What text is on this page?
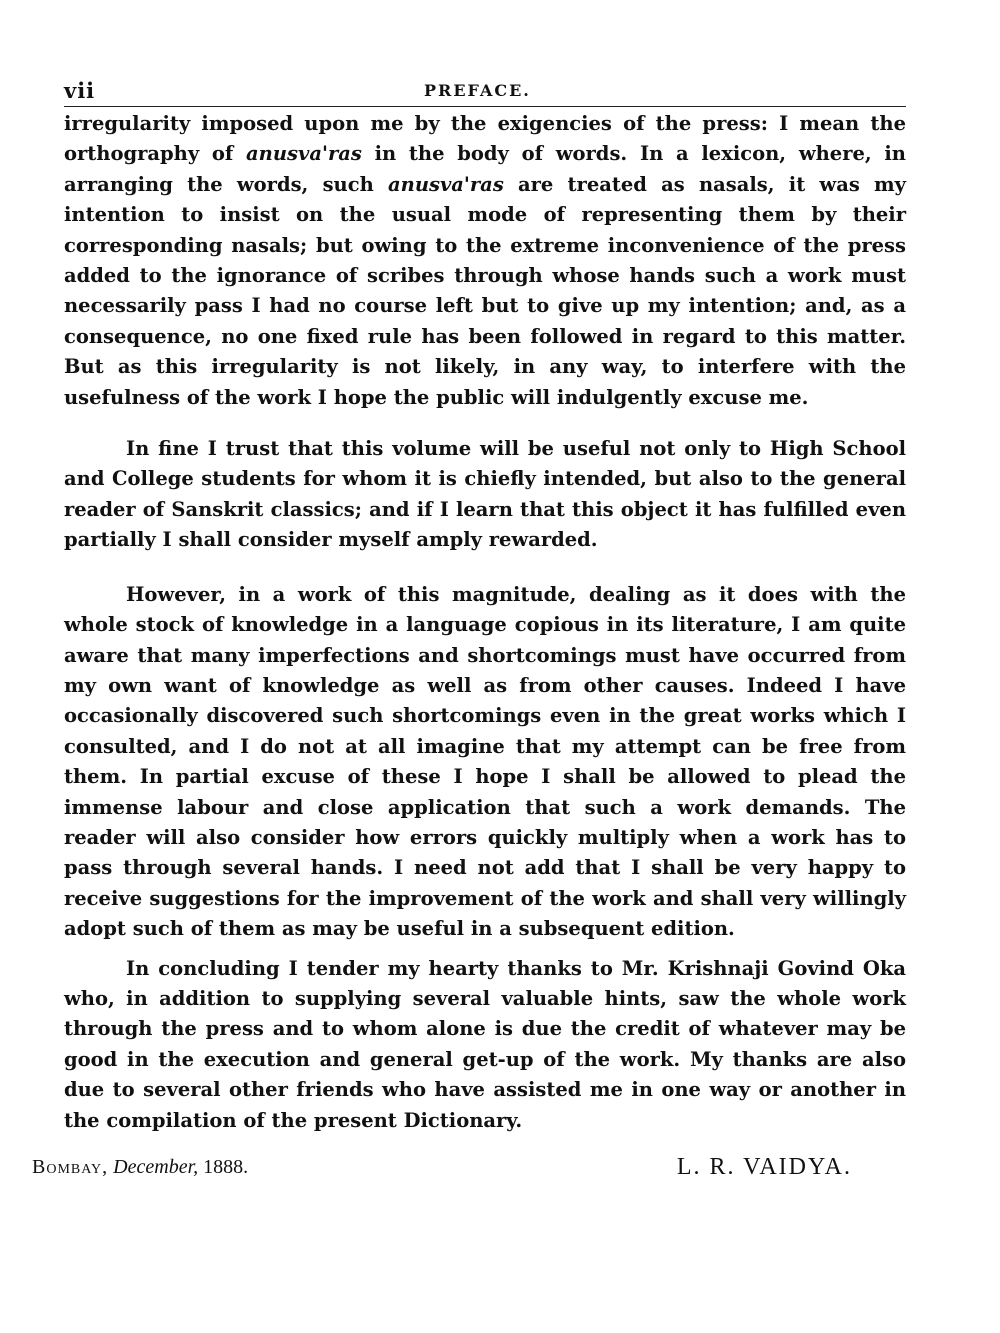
vii	PREFACE.

irregularity imposed upon me by the exigencies of the press: I mean the orthography of anusva'ras in the body of words. In a lexicon, where, in arranging the words, such anusva'ras are treated as nasals, it was my intention to insist on the usual mode of representing them by their corresponding nasals; but owing to the extreme inconvenience of the press added to the ignorance of scribes through whose hands such a work must necessarily pass I had no course left but to give up my intention; and, as a consequence, no one fixed rule has been followed in regard to this matter. But as this irregularity is not likely, in any way, to interfere with the usefulness of the work I hope the public will indulgently excuse me.

In fine I trust that this volume will be useful not only to High School and College students for whom it is chiefly intended, but also to the general reader of Sanskrit classics; and if I learn that this object it has fulfilled even partially I shall consider myself amply rewarded.

However, in a work of this magnitude, dealing as it does with the whole stock of knowledge in a language copious in its literature, I am quite aware that many imperfections and shortcomings must have occurred from my own want of knowledge as well as from other causes. Indeed I have occasionally discovered such shortcomings even in the great works which I consulted, and I do not at all imagine that my attempt can be free from them. In partial excuse of these I hope I shall be allowed to plead the immense labour and close application that such a work demands. The reader will also consider how errors quickly multiply when a work has to pass through several hands. I need not add that I shall be very happy to receive suggestions for the improvement of the work and shall very willingly adopt such of them as may be useful in a subsequent edition.

In concluding I tender my hearty thanks to Mr. Krishnaji Govind Oka who, in addition to supplying several valuable hints, saw the whole work through the press and to whom alone is due the credit of whatever may be good in the execution and general get-up of the work. My thanks are also due to several other friends who have assisted me in one way or another in the compilation of the present Dictionary.

Bombay, December, 1888.	L. R. VAIDYA.
